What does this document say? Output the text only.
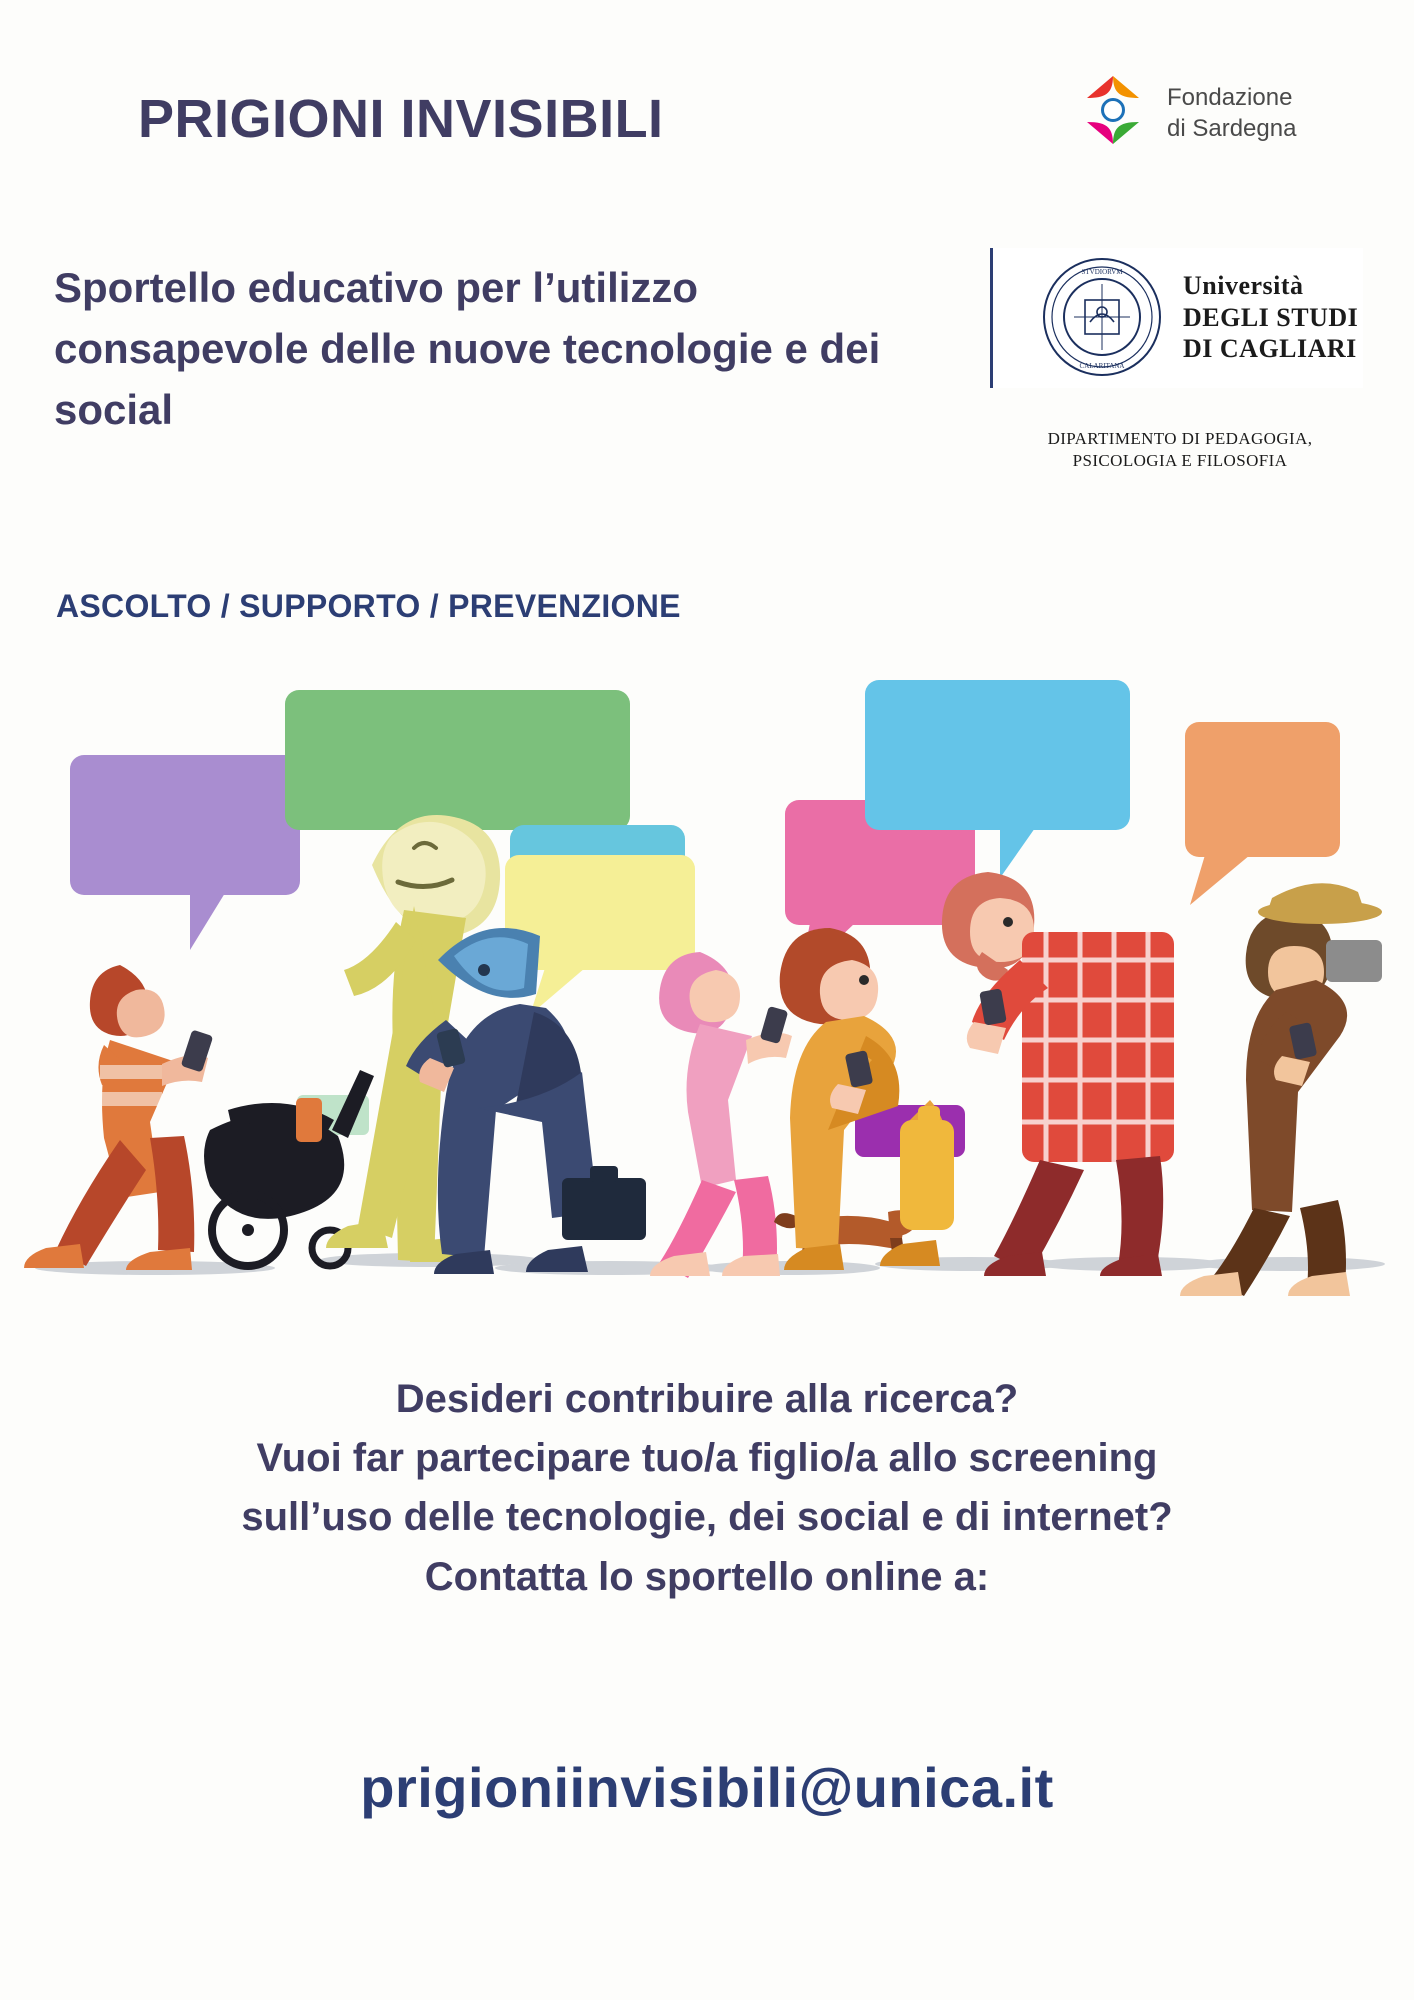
PRIGIONI INVISIBILI
Sportello educativo per l’utilizzo consapevole delle nuove tecnologie e dei social
ASCOLTO / SUPPORTO / PREVENZIONE
Fondazione
di Sardegna
STVDIORVM
CALARITANA
Università
DEGLI STUDI
DI CAGLIARI
DIPARTIMENTO DI PEDAGOGIA,
PSICOLOGIA E FILOSOFIA
Desideri contribuire alla ricerca?
Vuoi far partecipare tuo/a figlio/a allo screening
sull’uso delle tecnologie, dei social e di internet?
Contatta lo sportello online a:
prigioniinvisibili@unica.it
